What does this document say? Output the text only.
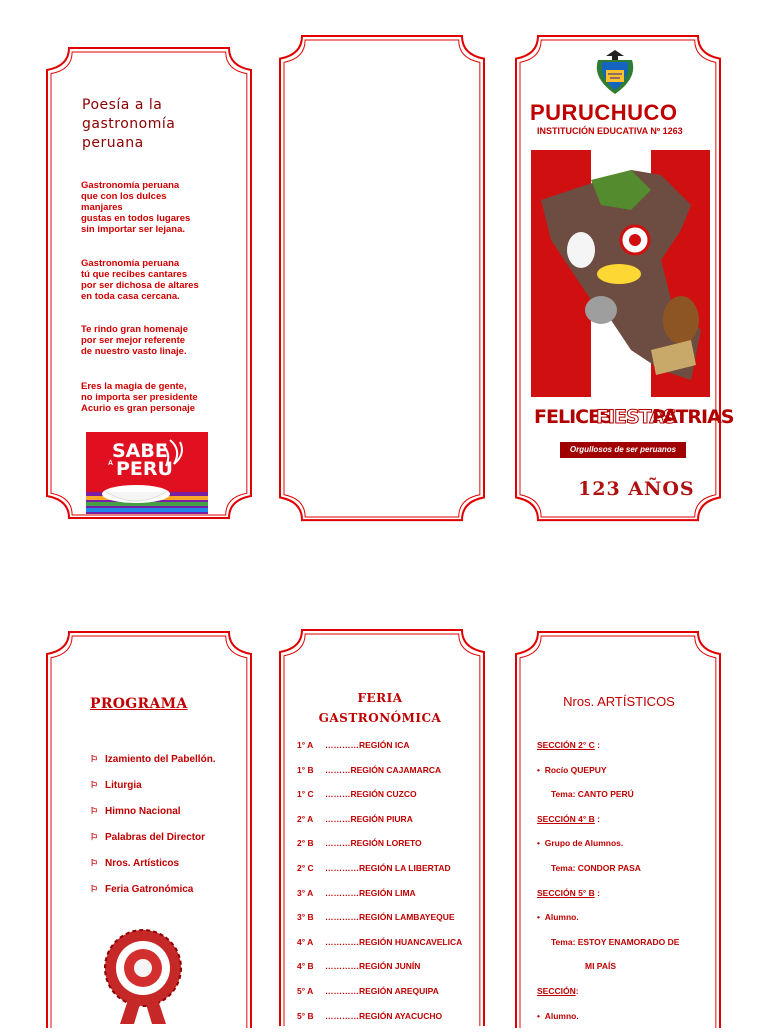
Poesía a la
gastronomía
peruana
Gastronomía peruana
que con los dulces
manjares
gustas en todos lugares
sin importar ser lejana.
Gastronomía peruana
tú que recibes cantares
por ser dichosa de altares
en toda casa cercana.
Te rindo gran homenaje
por ser mejor referente
de nuestro vasto linaje.
Eres la magia de gente,
no importa ser presidente
Acurio es gran personaje
SABE
A PERU
PURUCHUCO
INSTITUCIÓN EDUCATIVA Nº 1263
FELICES
FIESTAS
PATRIAS
Orgullosos de ser peruanos
123 AÑOS
PROGRAMA
⚐ Izamiento del Pabellón.
⚐ Liturgia
⚐ Himno Nacional
⚐ Palabras del Director
⚐ Nros. Artísticos
⚐ Feria Gatronómica
FERIA
GASTRONÓMICA
1° A …………REGIÓN ICA
1° B ………REGIÓN CAJAMARCA
1° C ………REGIÓN CUZCO
2° A ………REGIÓN PIURA
2° B ………REGIÓN LORETO
2° C …………REGIÓN LA LIBERTAD
3° A …………REGIÓN LIMA
3° B …………REGIÓN LAMBAYEQUE
4° A …………REGIÓN HUANCAVELICA
4° B …………REGIÓN JUNÍN
5° A …………REGIÓN AREQUIPA
5° B …………REGIÓN AYACUCHO
Nros. ARTÍSTICOS
SECCIÓN 2° C :
•  Rocío QUEPUY
Tema: CANTO PERÚ
SECCIÓN 4° B :
•  Grupo de Alumnos.
Tema: CONDOR PASA
SECCIÓN 5° B :
•  Alumno.
Tema: ESTOY ENAMORADO DE
MI PAÍS
SECCIÓN:
•  Alumno.
